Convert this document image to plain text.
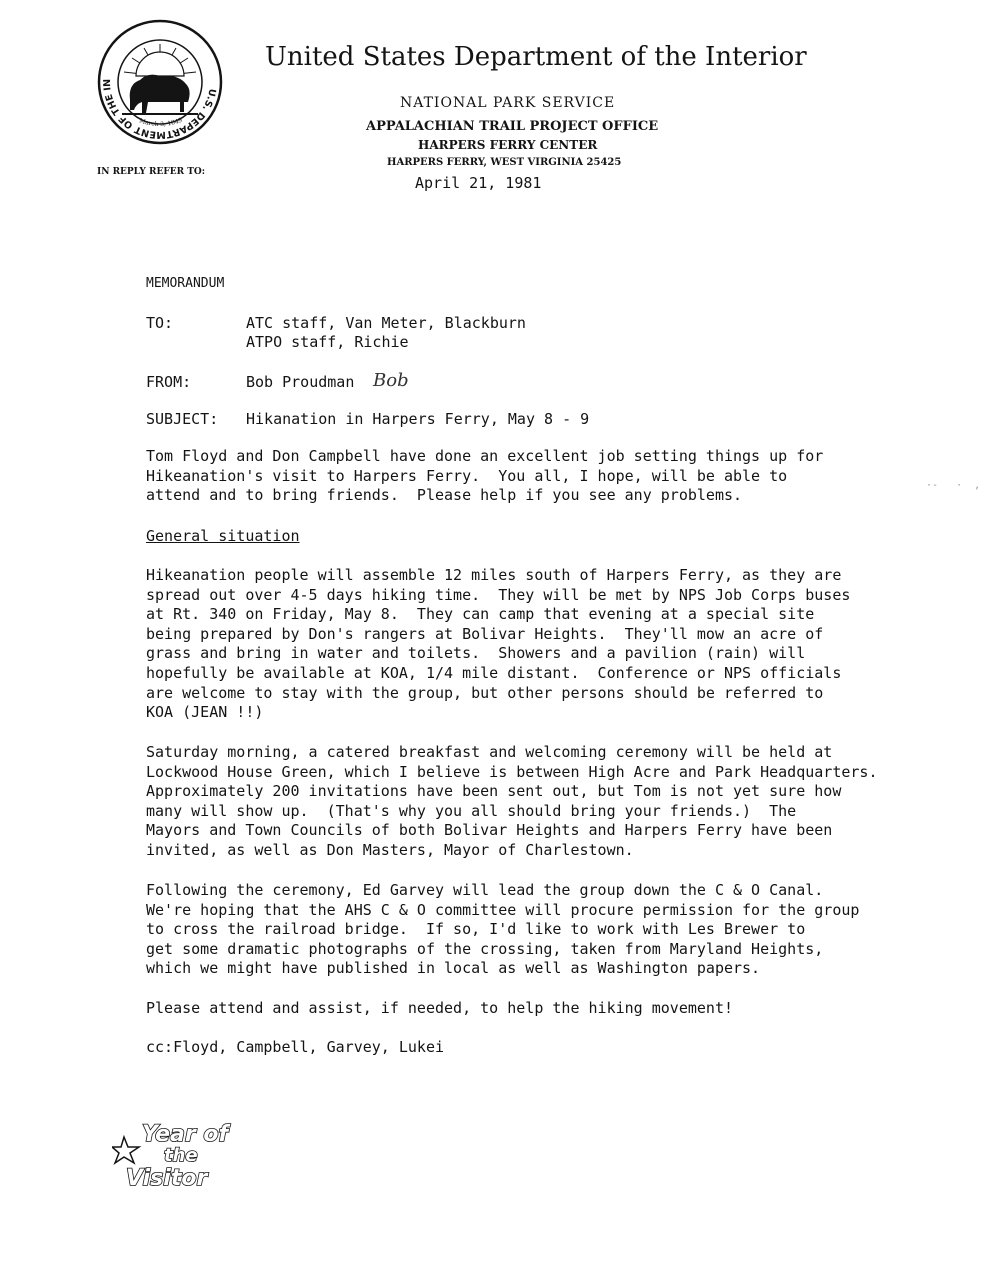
U.S. DEPARTMENT OF THE IN
March 3, 1849
United States Department of the Interior
NATIONAL PARK SERVICE
APPALACHIAN TRAIL PROJECT OFFICE
HARPERS FERRY CENTER
HARPERS FERRY, WEST VIRGINIA 25425
IN REPLY REFER TO:
April 21, 1981
MEMORANDUM
TO:	ATC staff, Van Meter, Blackburn
ATPO staff, Richie
FROM:	Bob Proudman Bob
SUBJECT: Hikanation in Harpers Ferry, May 8 - 9
Tom Floyd and Don Campbell have done an excellent job setting things up for
Hikeanation's visit to Harpers Ferry.  You all, I hope, will be able to
attend and to bring friends.  Please help if you see any problems.
·-   ·  ,
General situation
Hikeanation people will assemble 12 miles south of Harpers Ferry, as they are
spread out over 4-5 days hiking time.  They will be met by NPS Job Corps buses
at Rt. 340 on Friday, May 8.  They can camp that evening at a special site
being prepared by Don's rangers at Bolivar Heights.  They'll mow an acre of
grass and bring in water and toilets.  Showers and a pavilion (rain) will
hopefully be available at KOA, 1/4 mile distant.  Conference or NPS officials
are welcome to stay with the group, but other persons should be referred to
KOA (JEAN !!)
Saturday morning, a catered breakfast and welcoming ceremony will be held at
Lockwood House Green, which I believe is between High Acre and Park Headquarters.
Approximately 200 invitations have been sent out, but Tom is not yet sure how
many will show up.  (That's why you all should bring your friends.)  The
Mayors and Town Councils of both Bolivar Heights and Harpers Ferry have been
invited, as well as Don Masters, Mayor of Charlestown.
Following the ceremony, Ed Garvey will lead the group down the C & O Canal.
We're hoping that the AHS C & O committee will procure permission for the group
to cross the railroad bridge.  If so, I'd like to work with Les Brewer to
get some dramatic photographs of the crossing, taken from Maryland Heights,
which we might have published in local as well as Washington papers.
Please attend and assist, if needed, to help the hiking movement!
cc:Floyd, Campbell, Garvey, Lukei
Year of
the
Visitor
